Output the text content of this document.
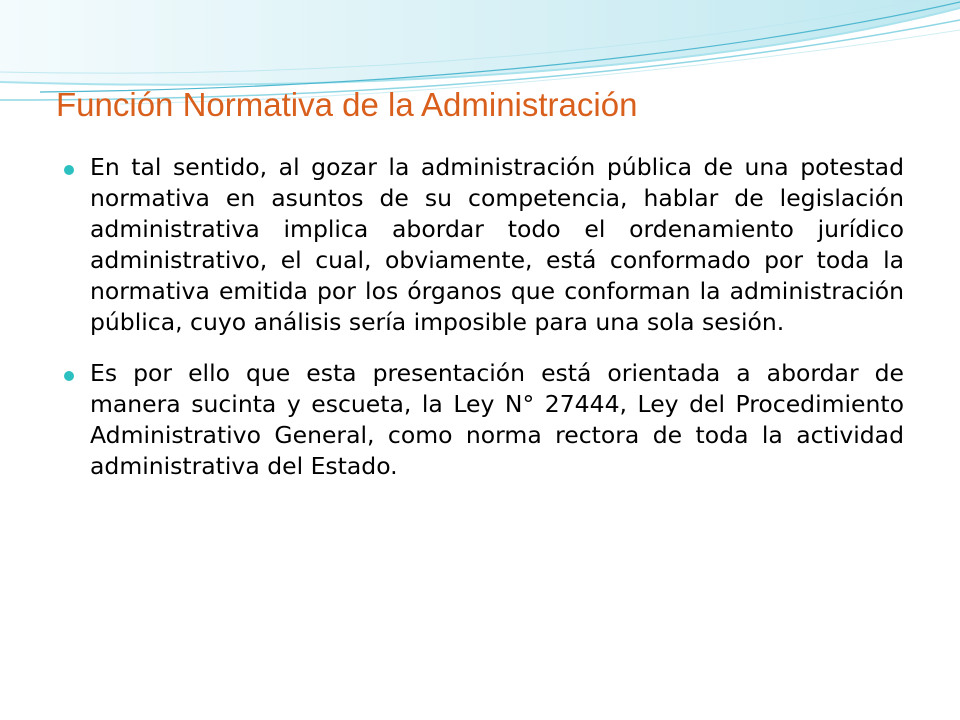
Función Normativa de la Administración
En tal sentido, al gozar la administración pública de una potestad normativa en asuntos de su competencia, hablar de legislación administrativa implica abordar todo el ordenamiento jurídico administrativo, el cual, obviamente, está conformado por toda la normativa emitida por los órganos que conforman la administración pública, cuyo análisis sería imposible para una sola sesión.
Es por ello que esta presentación está orientada a abordar de manera sucinta y escueta, la Ley N° 27444, Ley del Procedimiento Administrativo General, como norma rectora de toda la actividad administrativa del Estado.
